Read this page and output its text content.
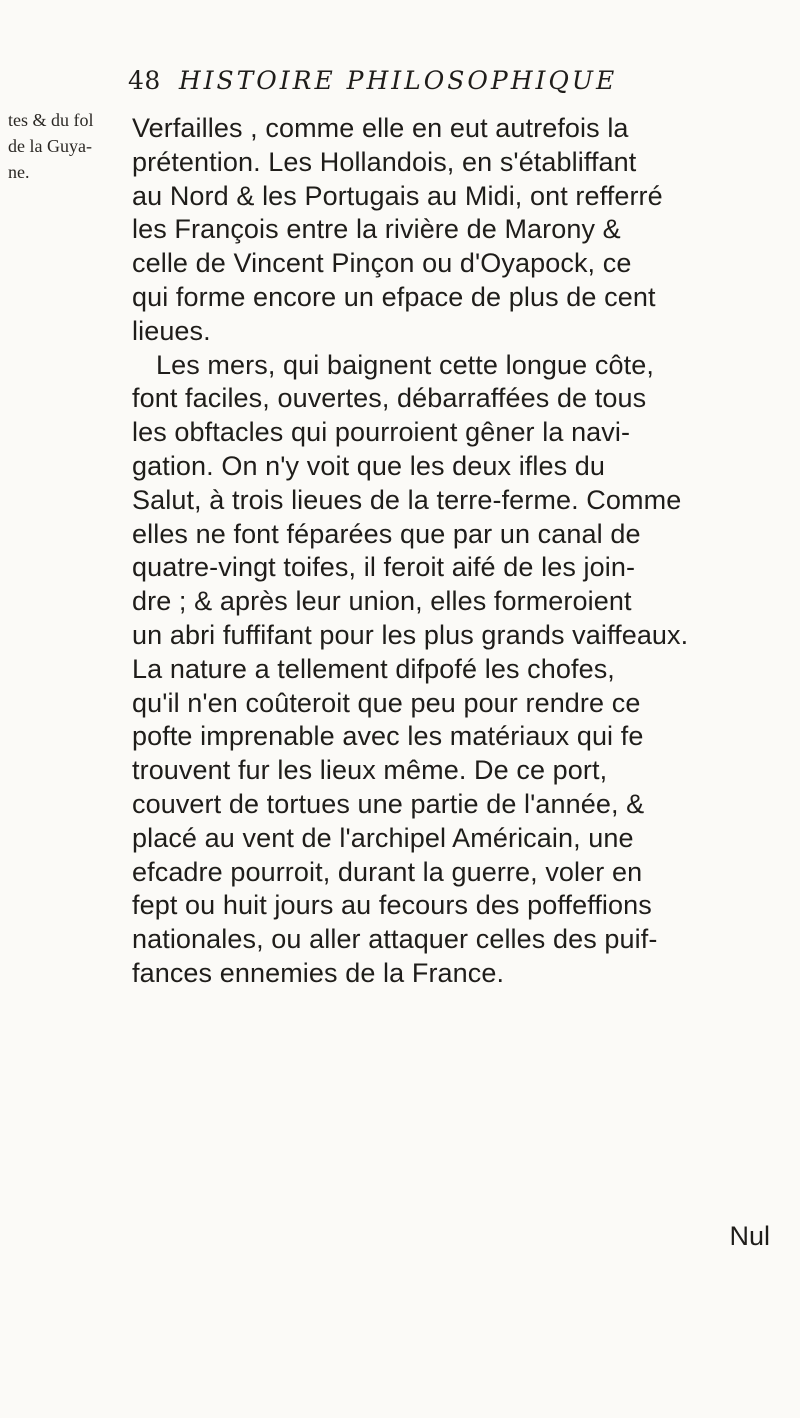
48 HISTOIRE PHILOSOPHIQUE
tes & du fol
de la Guya-
ne.
Verfailles , comme elle en eut autrefois la
prétention. Les Hollandois, en s'établiffant
au Nord & les Portugais au Midi, ont refferré
les François entre la rivière de Marony &
celle de Vincent Pinçon ou d'Oyapock, ce
qui forme encore un efpace de plus de cent
lieues.
Les mers, qui baignent cette longue côte,
font faciles, ouvertes, débarraffées de tous
les obftacles qui pourroient gêner la navi-
gation. On n'y voit que les deux ifles du
Salut, à trois lieues de la terre-ferme. Comme
elles ne font féparées que par un canal de
quatre-vingt toifes, il feroit aifé de les join-
dre ; & après leur union, elles formeroient
un abri fuffifant pour les plus grands vaiffeaux.
La nature a tellement difpofé les chofes,
qu'il n'en coûteroit que peu pour rendre ce
pofte imprenable avec les matériaux qui fe
trouvent fur les lieux même. De ce port,
couvert de tortues une partie de l'année, &
placé au vent de l'archipel Américain, une
efcadre pourroit, durant la guerre, voler en
fept ou huit jours au fecours des poffeffions
nationales, ou aller attaquer celles des puif-
fances ennemies de la France.
Nul
